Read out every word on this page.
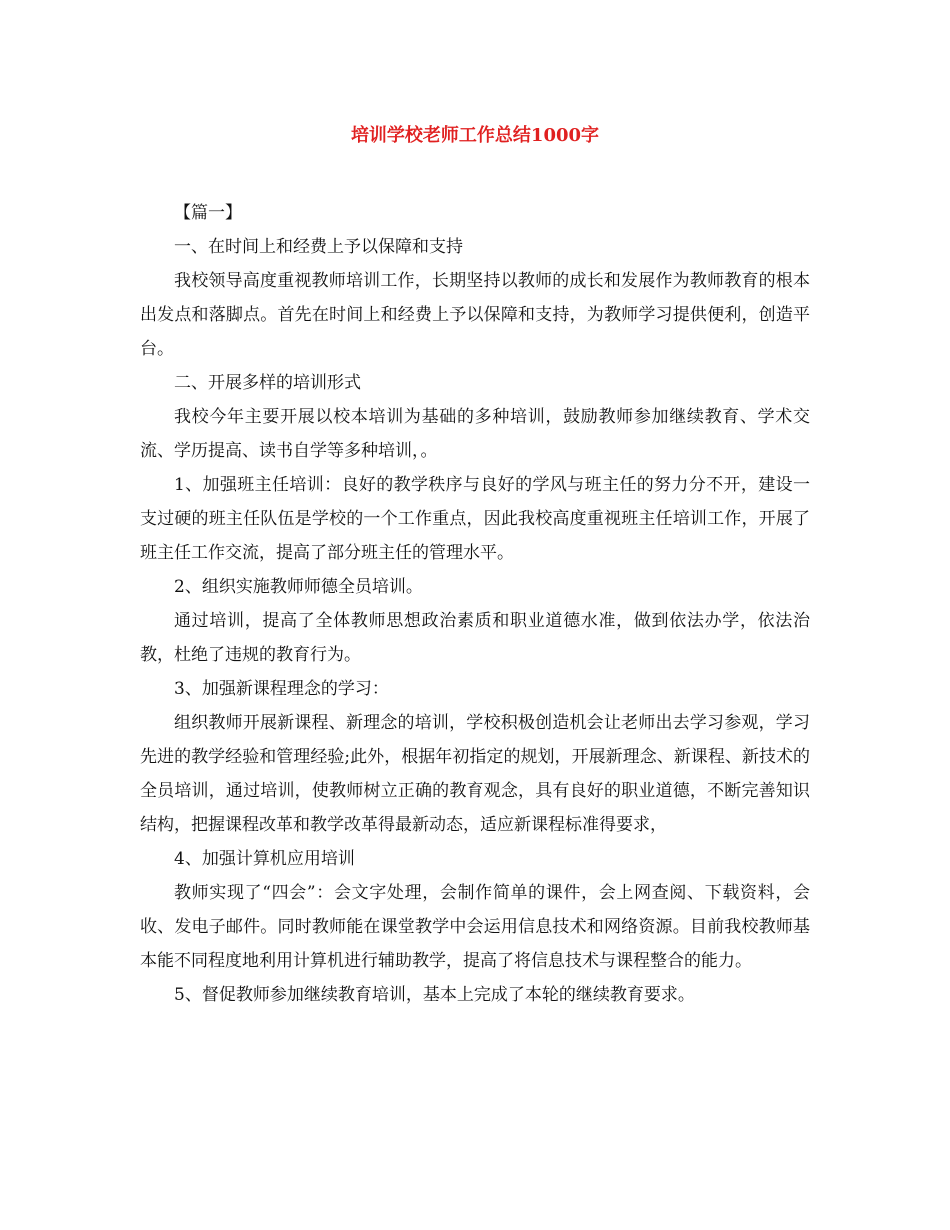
培训学校老师工作总结1000字

【篇一】

一、在时间上和经费上予以保障和支持

我校领导高度重视教师培训工作，长期坚持以教师的成长和发展作为教师教育的根本出发点和落脚点。首先在时间上和经费上予以保障和支持，为教师学习提供便利，创造平台。

二、开展多样的培训形式

我校今年主要开展以校本培训为基础的多种培训，鼓励教师参加继续教育、学术交流、学历提高、读书自学等多种培训，。

1、加强班主任培训：良好的教学秩序与良好的学风与班主任的努力分不开，建设一支过硬的班主任队伍是学校的一个工作重点，因此我校高度重视班主任培训工作，开展了班主任工作交流，提高了部分班主任的管理水平。

2、组织实施教师师德全员培训。

通过培训，提高了全体教师思想政治素质和职业道德水准，做到依法办学，依法治教，杜绝了违规的教育行为。

3、加强新课程理念的学习：

组织教师开展新课程、新理念的培训，学校积极创造机会让老师出去学习参观，学习先进的教学经验和管理经验;此外，根据年初指定的规划，开展新理念、新课程、新技术的全员培训，通过培训，使教师树立正确的教育观念，具有良好的职业道德，不断完善知识结构，把握课程改革和教学改革得最新动态，适应新课程标准得要求，

4、加强计算机应用培训

教师实现了“四会”：会文字处理，会制作简单的课件，会上网查阅、下载资料，会收、发电子邮件。同时教师能在课堂教学中会运用信息技术和网络资源。目前我校教师基本能不同程度地利用计算机进行辅助教学，提高了将信息技术与课程整合的能力。

5、督促教师参加继续教育培训，基本上完成了本轮的继续教育要求。
